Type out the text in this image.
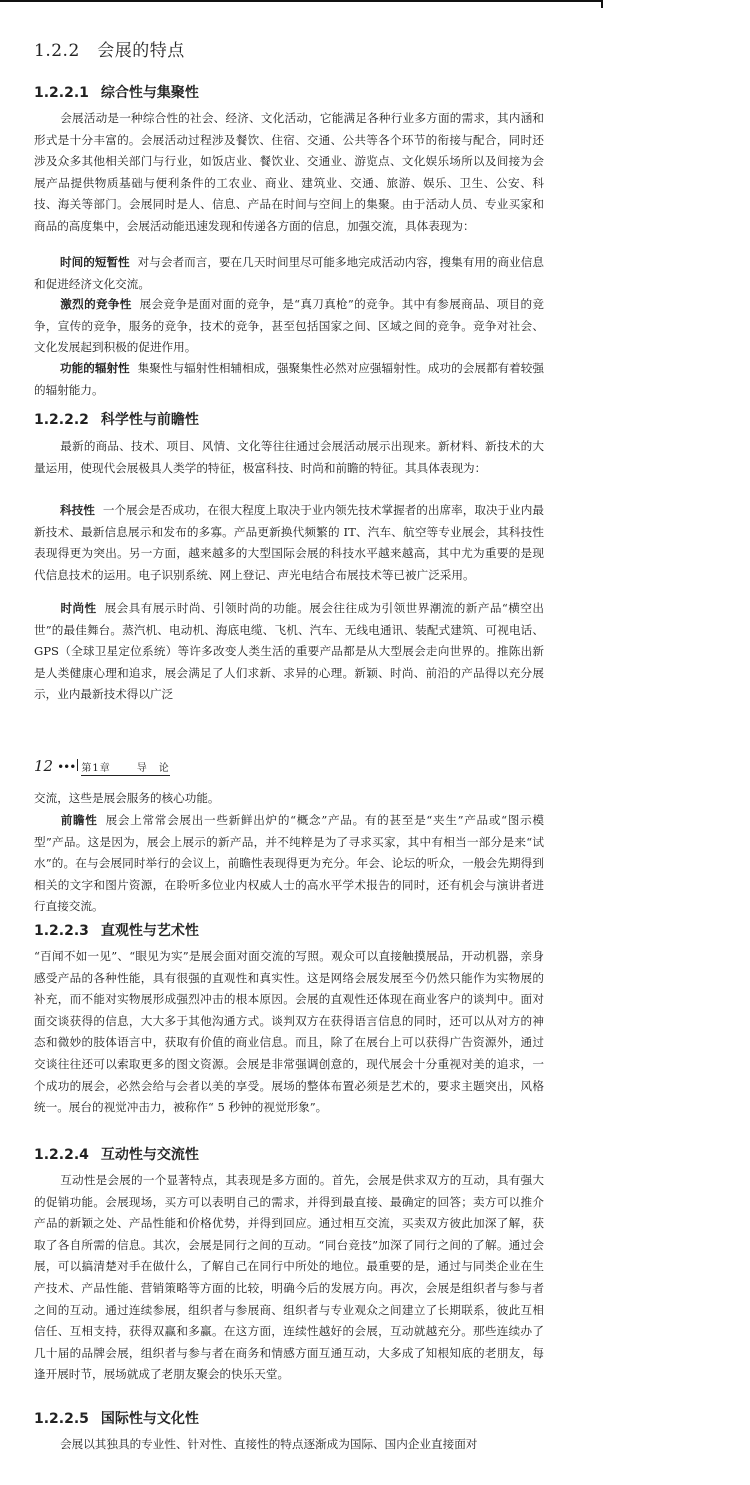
1.2.2　会展的特点
1.2.2.1 综合性与集聚性
会展活动是一种综合性的社会、经济、文化活动，它能满足各种行业多方面的需求，其内涵和形式是十分丰富的。会展活动过程涉及餐饮、住宿、交通、公共等各个环节的衔接与配合，同时还涉及众多其他相关部门与行业，如饭店业、餐饮业、交通业、游览点、文化娱乐场所以及间接为会展产品提供物质基础与便利条件的工农业、商业、建筑业、交通、旅游、娱乐、卫生、公安、科技、海关等部门。会展同时是人、信息、产品在时间与空间上的集聚。由于活动人员、专业买家和商品的高度集中，会展活动能迅速发现和传递各方面的信息，加强交流，具体表现为：
时间的短暂性 对与会者而言，要在几天时间里尽可能多地完成活动内容，搜集有用的商业信息和促进经济文化交流。
激烈的竞争性 展会竞争是面对面的竞争，是“真刀真枪”的竞争。其中有参展商品、项目的竞争，宣传的竞争，服务的竞争，技术的竞争，甚至包括国家之间、区域之间的竞争。竞争对社会、文化发展起到积极的促进作用。
功能的辐射性 集聚性与辐射性相辅相成，强聚集性必然对应强辐射性。成功的会展都有着较强的辐射能力。
1.2.2.2 科学性与前瞻性
最新的商品、技术、项目、风情、文化等往往通过会展活动展示出现来。新材料、新技术的大量运用，使现代会展极具人类学的特征，极富科技、时尚和前瞻的特征。其具体表现为：
科技性 一个展会是否成功，在很大程度上取决于业内领先技术掌握者的出席率，取决于业内最新技术、最新信息展示和发布的多寡。产品更新换代频繁的 IT、汽车、航空等专业展会，其科技性表现得更为突出。另一方面，越来越多的大型国际会展的科技水平越来越高，其中尤为重要的是现代信息技术的运用。电子识别系统、网上登记、声光电结合布展技术等已被广泛采用。
时尚性 展会具有展示时尚、引领时尚的功能。展会往往成为引领世界潮流的新产品“横空出世”的最佳舞台。蒸汽机、电动机、海底电缆、飞机、汽车、无线电通讯、装配式建筑、可视电话、GPS（全球卫星定位系统）等许多改变人类生活的重要产品都是从大型展会走向世界的。推陈出新是人类健康心理和追求，展会满足了人们求新、求异的心理。新颖、时尚、前沿的产品得以充分展示，业内最新技术得以广泛
12 ••• 第1章	导　论
交流，这些是展会服务的核心功能。
前瞻性 展会上常常会展出一些新鲜出炉的“概念”产品。有的甚至是“夹生”产品或“图示模型”产品。这是因为，展会上展示的新产品，并不纯粹是为了寻求买家，其中有相当一部分是来“试水”的。在与会展同时举行的会议上，前瞻性表现得更为充分。年会、论坛的听众，一般会先期得到相关的文字和图片资源，在聆听多位业内权威人士的高水平学术报告的同时，还有机会与演讲者进行直接交流。
1.2.2.3 直观性与艺术性
“百闻不如一见”、“眼见为实”是展会面对面交流的写照。观众可以直接触摸展品，开动机器，亲身感受产品的各种性能，具有很强的直观性和真实性。这是网络会展发展至今仍然只能作为实物展的补充，而不能对实物展形成强烈冲击的根本原因。会展的直观性还体现在商业客户的谈判中。面对面交谈获得的信息，大大多于其他沟通方式。谈判双方在获得语言信息的同时，还可以从对方的神态和微妙的肢体语言中，获取有价值的商业信息。而且，除了在展台上可以获得广告资源外，通过交谈往往还可以索取更多的图文资源。会展是非常强调创意的，现代展会十分重视对美的追求，一个成功的展会，必然会给与会者以美的享受。展场的整体布置必须是艺术的，要求主题突出，风格统一。展台的视觉冲击力，被称作“ 5 秒钟的视觉形象”。
1.2.2.4 互动性与交流性
互动性是会展的一个显著特点，其表现是多方面的。首先，会展是供求双方的互动，具有强大的促销功能。会展现场，买方可以表明自己的需求，并得到最直接、最确定的回答；卖方可以推介产品的新颖之处、产品性能和价格优势，并得到回应。通过相互交流，买卖双方彼此加深了解，获取了各自所需的信息。其次，会展是同行之间的互动。“同台竞技”加深了同行之间的了解。通过会展，可以搞清楚对手在做什么，了解自己在同行中所处的地位。最重要的是，通过与同类企业在生产技术、产品性能、营销策略等方面的比较，明确今后的发展方向。再次，会展是组织者与参与者之间的互动。通过连续参展，组织者与参展商、组织者与专业观众之间建立了长期联系，彼此互相信任、互相支持，获得双赢和多赢。在这方面，连续性越好的会展，互动就越充分。那些连续办了几十届的品牌会展，组织者与参与者在商务和情感方面互通互动，大多成了知根知底的老朋友，每逢开展时节，展场就成了老朋友聚会的快乐天堂。
1.2.2.5 国际性与文化性
会展以其独具的专业性、针对性、直接性的特点逐渐成为国际、国内企业直接面对
